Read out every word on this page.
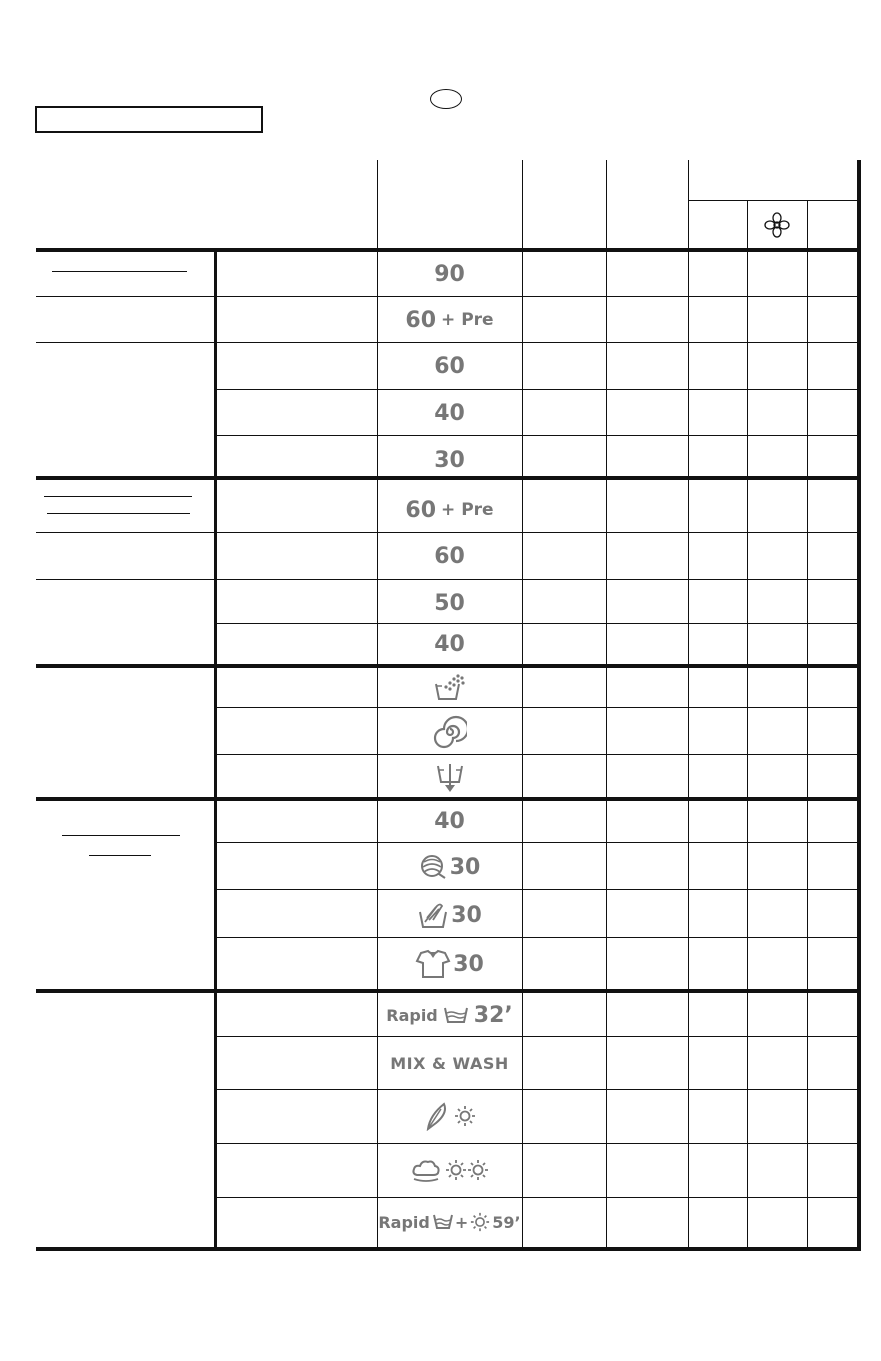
90
60 + Pre
60
40
30
60 + Pre
60
50
40
40
30
30
30
Rapid 32’
MIX & WASH
Rapid + 59’
